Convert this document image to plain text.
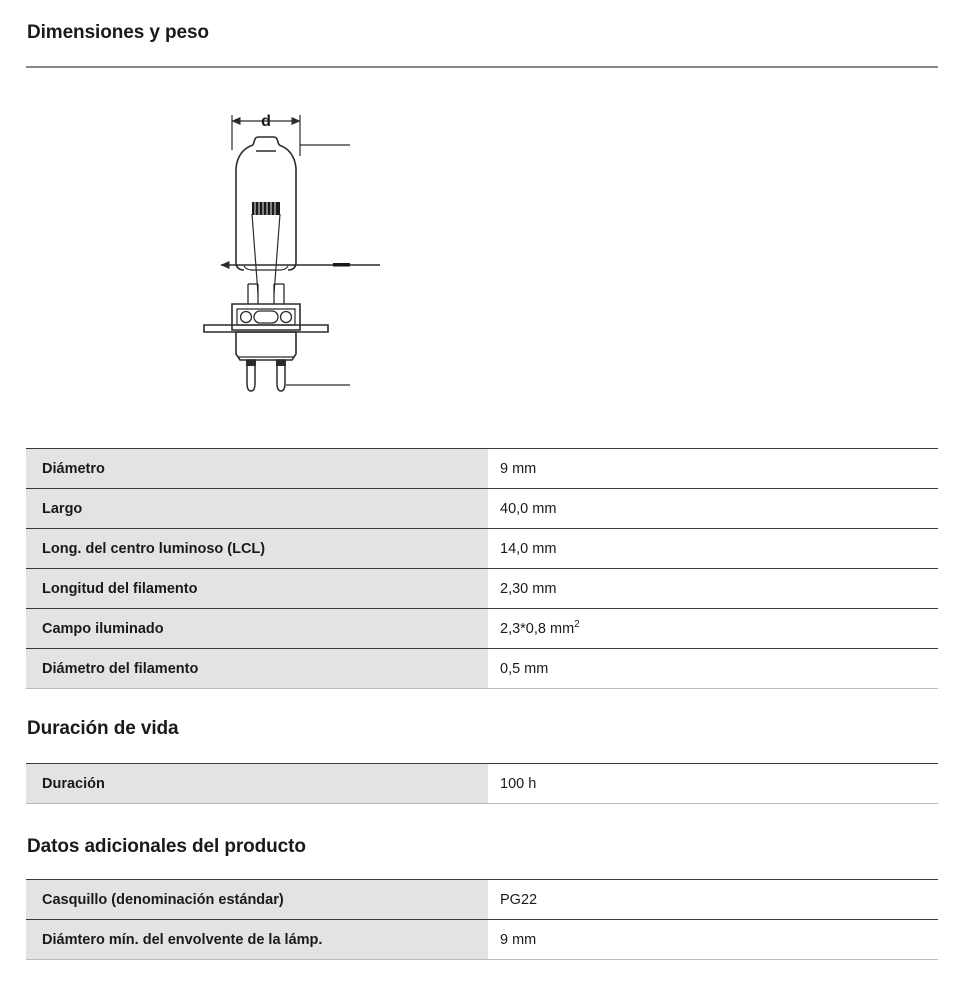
Dimensiones y peso
d
Diámetro	9 mm
Largo	40,0 mm
Long. del centro luminoso (LCL)	14,0 mm
Longitud del filamento	2,30 mm
Campo iluminado	2,3*0,8 $mm^2$
Diámetro del filamento	0,5 mm
Duración de vida
Duración	100 h
Datos adicionales del producto
Casquillo (denominación estándar)	PG22
Diámtero mín. del envolvente de la lámp.	9 mm
